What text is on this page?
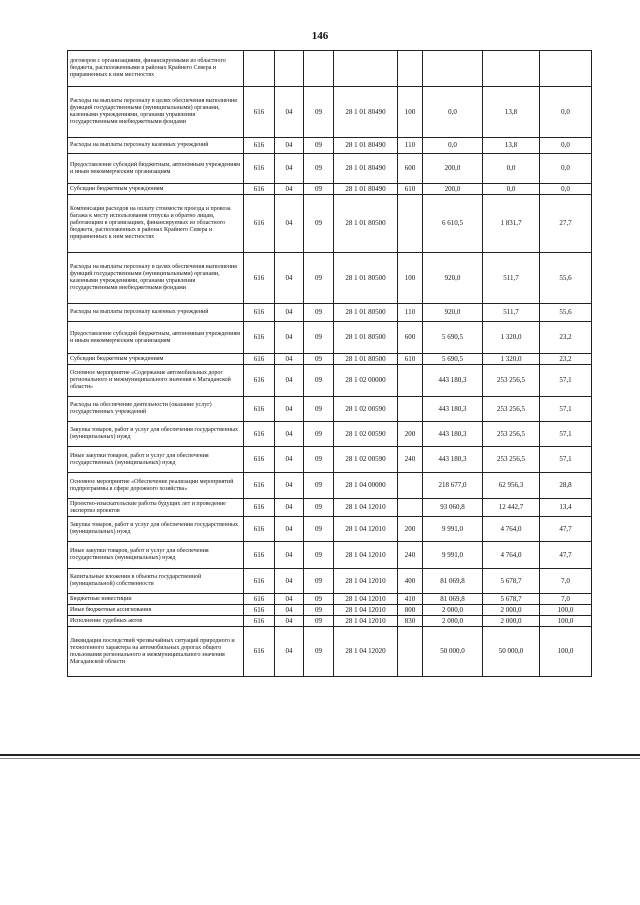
146
договоров с организациями, финансируемыми из областного бюджета, расположенными в районах Крайнего Севера и приравненных к ним местностях								
Расходы на выплаты персоналу в целях обеспечения выполнения функций государственными (муниципальными) органами, казенными учреждениями, органами управления государственными внебюджетными фондами	616	04	09	28 1 01 80490	100	0,0	13,8	0,0
Расходы на выплаты персоналу казенных учреждений	616	04	09	28 1 01 80490	110	0,0	13,8	0,0
Предоставление субсидий бюджетным, автономным учреждениям и иным некоммерческим организациям	616	04	09	28 1 01 80490	600	200,0	0,0	0,0
Субсидии бюджетным учреждениям	616	04	09	28 1 01 80490	610	200,0	0,0	0,0
Компенсация расходов на оплату стоимости проезда и провоза багажа к месту использования отпуска и обратно лицам, работающим в организациях, финансируемых из областного бюджета, расположенных в районах Крайнего Севера и приравненных к ним местностях	616	04	09	28 1 01 80500		6 610,5	1 831,7	27,7
Расходы на выплаты персоналу в целях обеспечения выполнения функций государственными (муниципальными) органами, казенными учреждениями, органами управления государственными внебюджетными фондами	616	04	09	28 1 01 80500	100	920,0	511,7	55,6
Расходы на выплаты персоналу казенных учреждений	616	04	09	28 1 01 80500	110	920,0	511,7	55,6
Предоставление субсидий бюджетным, автономным учреждениям и иным некоммерческим организациям	616	04	09	28 1 01 80500	600	5 690,5	1 320,0	23,2
Субсидии бюджетным учреждениям	616	04	09	28 1 01 80500	610	5 690,5	1 320,0	23,2
Основное мероприятие «Содержание автомобильных дорог регионального и межмуниципального значения в Магаданской области»	616	04	09	28 1 02 00000		443 180,3	253 256,5	57,1
Расходы на обеспечение деятельности (оказание услуг) государственных учреждений	616	04	09	28 1 02 00590		443 180,3	253 256,5	57,1
Закупка товаров, работ и услуг для обеспечения государственных (муниципальных) нужд	616	04	09	28 1 02 00590	200	443 180,3	253 256,5	57,1
Иные закупки товаров, работ и услуг для обеспечения государственных (муниципальных) нужд	616	04	09	28 1 02 00590	240	443 180,3	253 256,5	57,1
Основное мероприятие «Обеспечение реализации мероприятий подпрограммы в сфере дорожного хозяйства»	616	04	09	28 1 04 00000		218 677,0	62 956,3	28,8
Проектно-изыскательские работы будущих лет и проведение экспертиз проектов	616	04	09	28 1 04 12010		93 060,8	12 442,7	13,4
Закупка товаров, работ и услуг для обеспечения государственных (муниципальных) нужд	616	04	09	28 1 04 12010	200	9 991,0	4 764,0	47,7
Иные закупки товаров, работ и услуг для обеспечения государственных (муниципальных) нужд	616	04	09	28 1 04 12010	240	9 991,0	4 764,0	47,7
Капитальные вложения в объекты государственной (муниципальной) собственности	616	04	09	28 1 04 12010	400	81 069,8	5 678,7	7,0
Бюджетные инвестиции	616	04	09	28 1 04 12010	410	81 069,8	5 678,7	7,0
Иные бюджетные ассигнования	616	04	09	28 1 04 12010	800	2 000,0	2 000,0	100,0
Исполнение судебных актов	616	04	09	28 1 04 12010	830	2 000,0	2 000,0	100,0
Ликвидация последствий чрезвычайных ситуаций природного и техногенного характера на автомобильных дорогах общего пользования регионального и межмуниципального значения Магаданской области	616	04	09	28 1 04 12020		50 000,0	50 000,0	100,0
